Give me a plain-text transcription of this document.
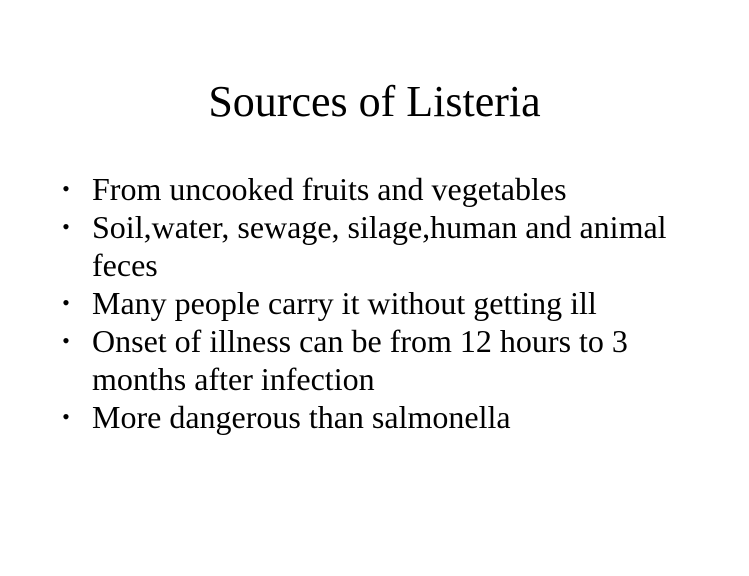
Sources of Listeria
• From uncooked fruits and vegetables
• Soil,water, sewage, silage,human and animal feces
• Many people carry it without getting ill
• Onset of illness can be from 12 hours to 3 months after infection
• More dangerous than salmonella
